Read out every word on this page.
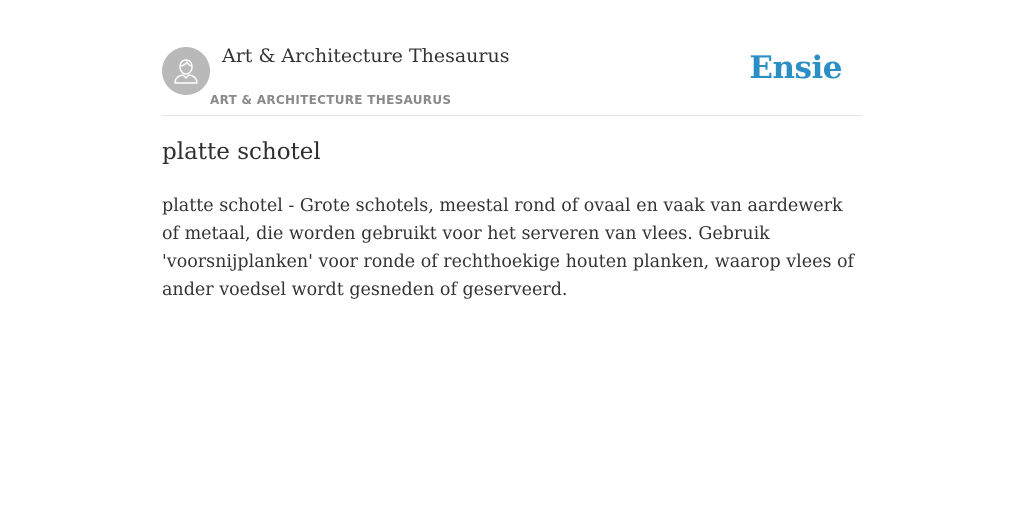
Art & Architecture Thesaurus
ART & ARCHITECTURE THESAURUS
Ensie
platte schotel

platte schotel - Grote schotels, meestal rond of ovaal en vaak van aardewerk of metaal, die worden gebruikt voor het serveren van vlees. Gebruik 'voorsnijplanken' voor ronde of rechthoekige houten planken, waarop vlees of ander voedsel wordt gesneden of geserveerd.
